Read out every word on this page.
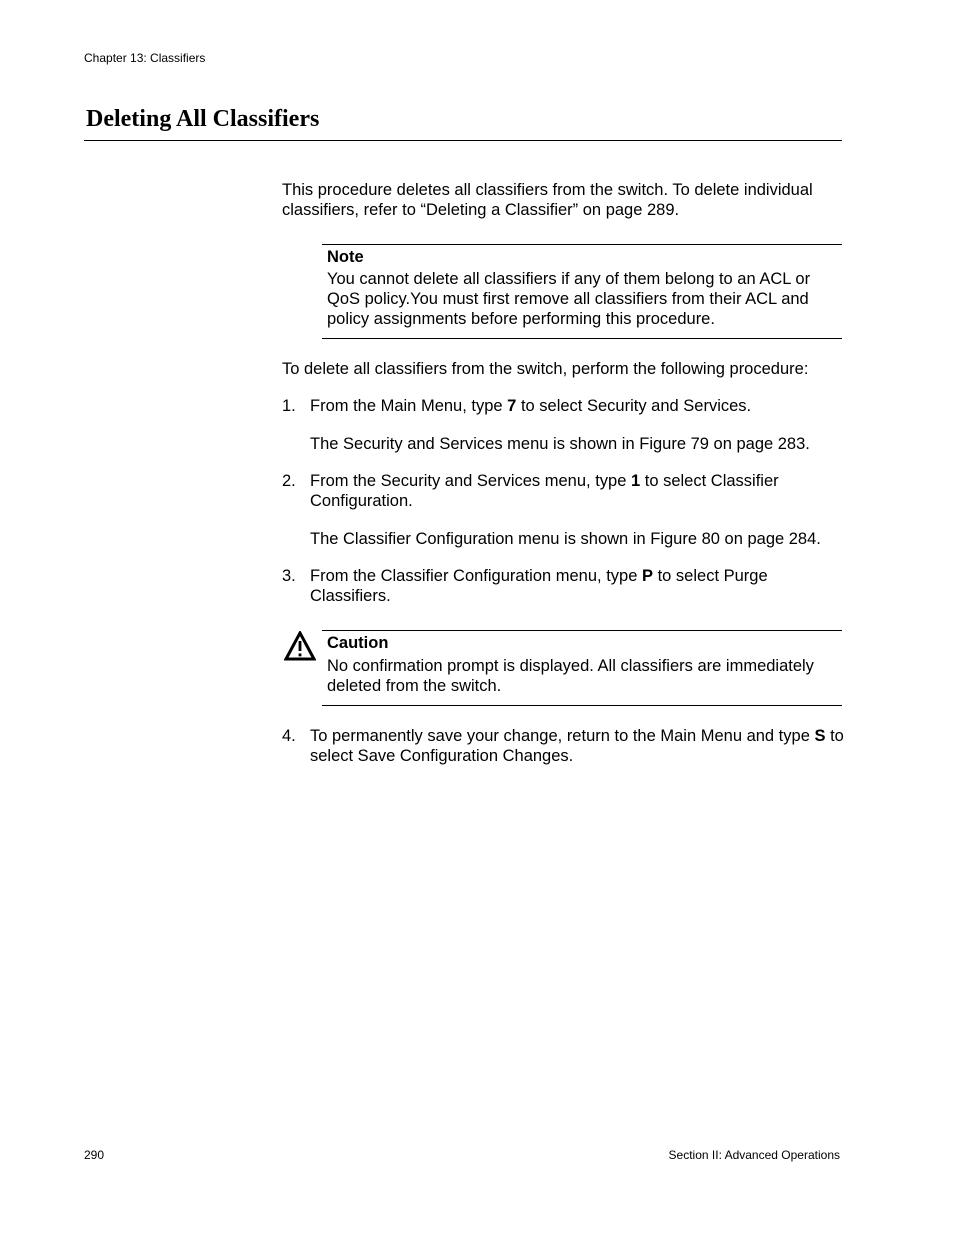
Chapter 13: Classifiers
Deleting All Classifiers

This procedure deletes all classifiers from the switch. To delete individual classifiers, refer to “Deleting a Classifier” on page 289.

Note
You cannot delete all classifiers if any of them belong to an ACL or QoS policy.You must first remove all classifiers from their ACL and policy assignments before performing this procedure.

To delete all classifiers from the switch, perform the following procedure:

1. From the Main Menu, type 7 to select Security and Services.
The Security and Services menu is shown in Figure 79 on page 283.
2. From the Security and Services menu, type 1 to select Classifier Configuration.
The Classifier Configuration menu is shown in Figure 80 on page 284.
3. From the Classifier Configuration menu, type P to select Purge Classifiers.
Caution
No confirmation prompt is displayed. All classifiers are immediately deleted from the switch.
4. To permanently save your change, return to the Main Menu and type S to select Save Configuration Changes.
290	Section II: Advanced Operations
